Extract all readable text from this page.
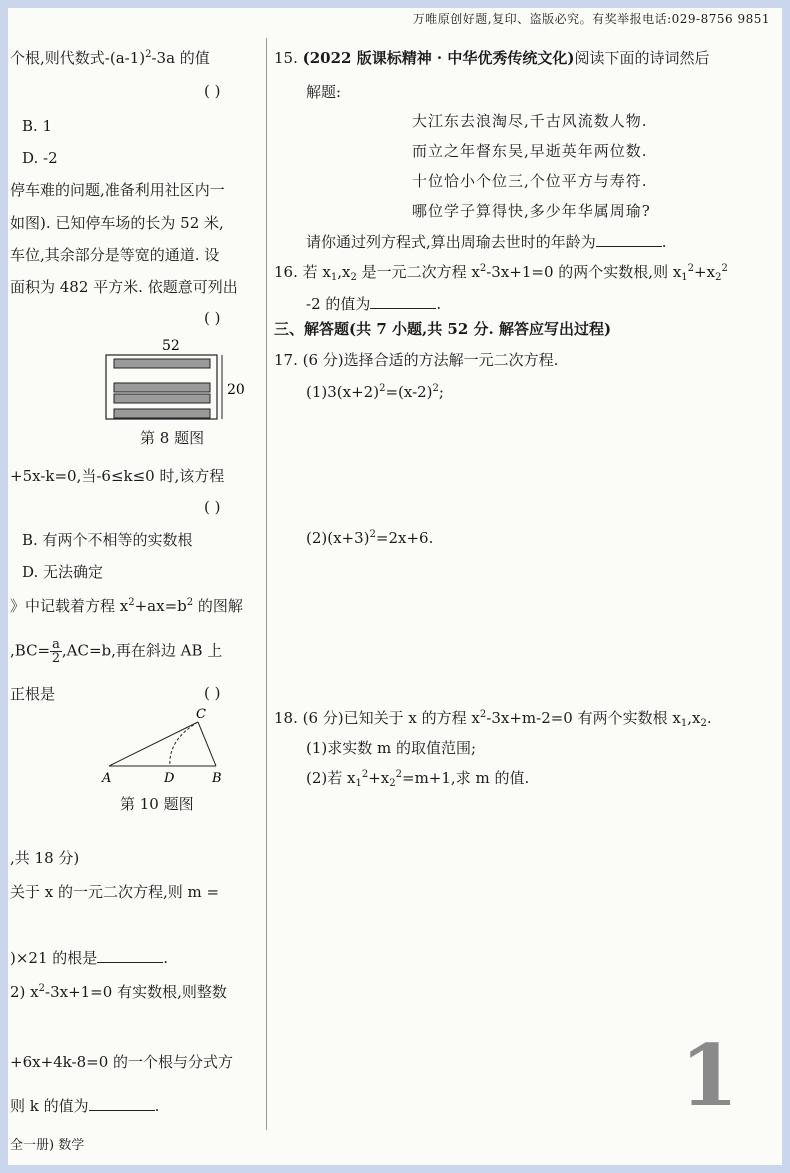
万唯原创好题,复印、盗版必究。有奖举报电话:029-8756 9851
个根,则代数式$-(a-1)^2-3a$ 的值
( )
B. 1
D. -2
停车难的问题,准备利用社区内一
如图). 已知停车场的长为 52 米,
车位,其余部分是等宽的通道. 设
面积为 482 平方米. 依题意可列出
( )
52
20
第 8 题图
+5x-k=0,当-6≤k≤0 时,该方程
( )
B. 有两个不相等的实数根
D. 无法确定
》中记载着方程 $x^2+ax=b^2$ 的图解
$,BC= \frac{a}{2} ,AC=b$,再在斜边 AB 上
正根是	( )
C
A	D	B
第 10 题图
,共 18 分)
关于 x 的一元二次方程,则 m =
)×21 的根是	.
2) $x^2-3x+1=0$ 有实数根,则整数
+6x+4k-8=0 的一个根与分式方
则 k 的值为	.
全一册) 数学
15. (2022 版课标精神 · 中华优秀传统文化)阅读下面的诗词然后
解题:
大江东去浪淘尽,千古风流数人物.
而立之年督东吴,早逝英年两位数.
十位恰小个位三,个位平方与寿符.
哪位学子算得快,多少年华属周瑜?
请你通过列方程式,算出周瑜去世时的年龄为	.
16. 若 $x_1,x_2$ 是一元二次方程 $x^2-3x+1=0$ 的两个实数根,则 $x_1^2+x_2^2$
-2 的值为	.
三、解答题(共 7 小题,共 52 分. 解答应写出过程)
17. (6 分)选择合适的方法解一元二次方程.
$(1)3(x+2)^2=(x-2)^2$;
$(2)(x+3)^2=2x+6$.
18. (6 分)已知关于 x 的方程 $x^2-3x+m-2=0$ 有两个实数根 $x_1,x_2$.
(1)求实数 m 的取值范围;
(2)若 $x_1^2+x_2^2=m+1$,求 m 的值.
1
